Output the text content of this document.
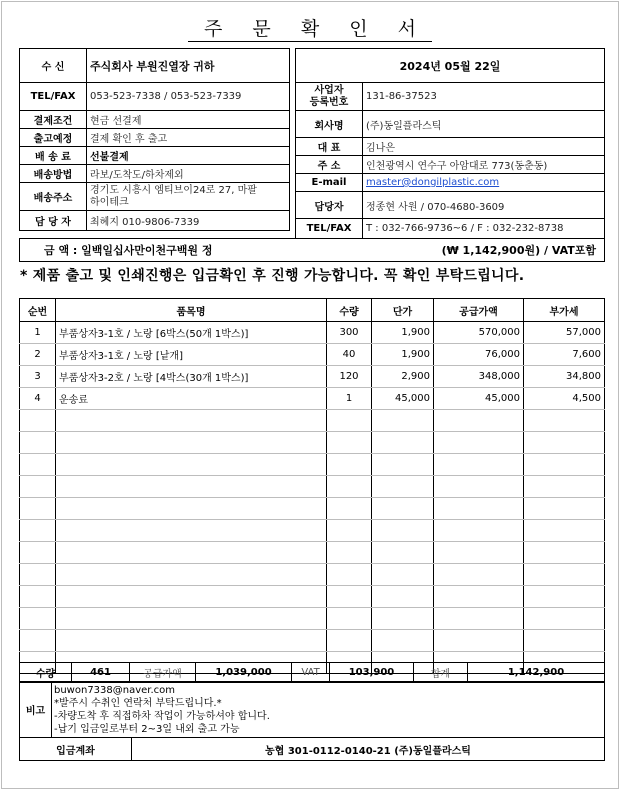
주 문 확 인 서
수 신	주식회사 부원진열장 귀하
TEL/FAX	053-523-7338 / 053-523-7339
결제조건	현금 선결제
출고예정	결제 확인 후 출고
배 송 료	선불결제
배송방법	라보/도착도/하차제외
배송주소	경기도 시흥시 엠티브이24로 27, 마팔
하이테크

담 당 자	최혜지 010-9806-7339
2024년 05월 22일	

사업자
등록번호	131-86-37523
회사명	(주)동일플라스틱
대 표	김나은
주 소	인천광역시 연수구 아암대로 773(동춘동)
E-mail	master@dongilplastic.com
담당자	정종현 사원 / 070-4680-3609
TEL/FAX	T : 032-766-9736~6 / F : 032-232-8738
금 액 : 일백일십사만이천구백원 정	(₩ 1,142,900원) / VAT포함
* 제품 출고 및 인쇄진행은 입금확인 후 진행 가능합니다. 꼭 확인 부탁드립니다.
순번	품목명	수량	단가	공급가액	부가세
1	부품상자3-1호 / 노랑 [6박스(50개 1박스)]	300	1,900	570,000	57,000
2	부품상자3-1호 / 노랑 [낱개]	40	1,900	76,000	7,600
3	부품상자3-2호 / 노랑 [4박스(30개 1박스)]	120	2,900	348,000	34,800
4	운송료	1	45,000	45,000	4,500

수량	461	공급가액	1,039,000	VAT	103,900	합계	1,142,900
비고	
buwon7338@naver.com
*발주시 수취인 연락처 부탁드립니다.*
-차량도착 후 직접하차 작업이 가능하셔야 합니다.
-납기 입금일로부터 2~3일 내외 출고 가능
입금계좌	농협 301-0112-0140-21 (주)동일플라스틱
